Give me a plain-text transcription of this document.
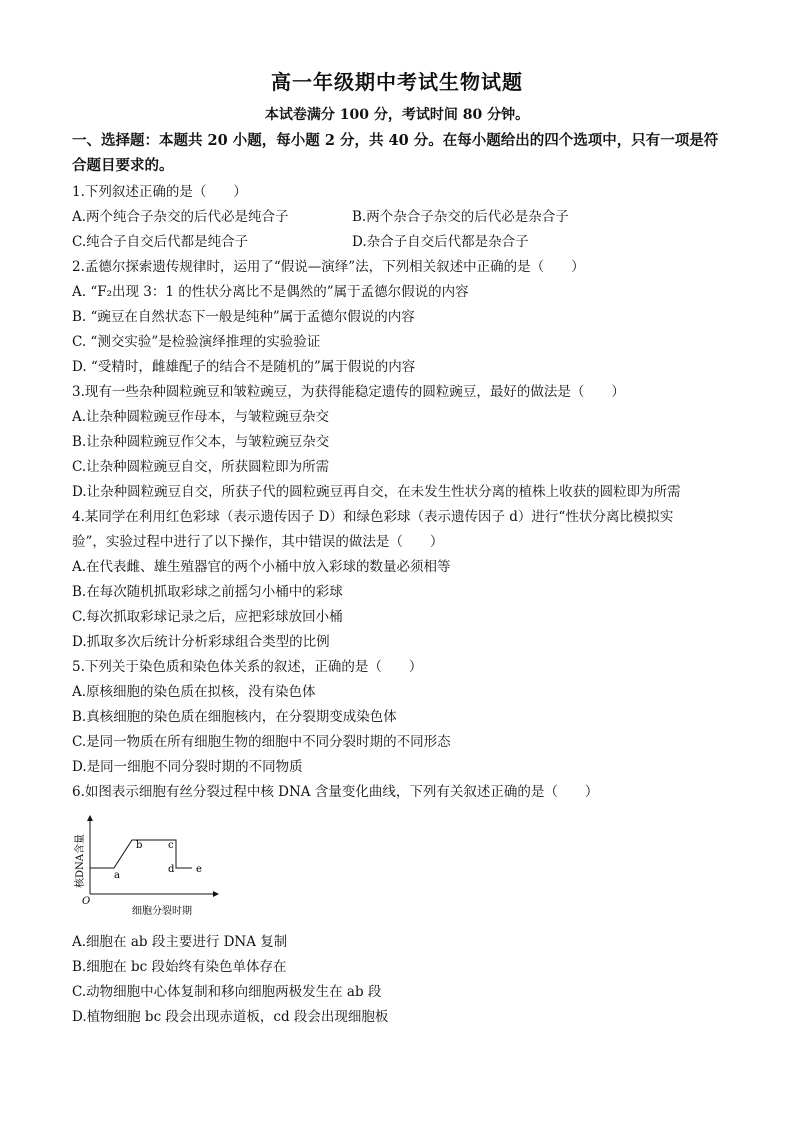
高一年级期中考试生物试题
本试卷满分 100 分，考试时间 80 分钟。
一、选择题：本题共 20 小题，每小题 2 分，共 40 分。在每小题给出的四个选项中，只有一项是符合题目要求的。
1.下列叙述正确的是（　　）
A.两个纯合子杂交的后代必是纯合子	B.两个杂合子杂交的后代必是杂合子
C.纯合子自交后代都是纯合子	D.杂合子自交后代都是杂合子
2.孟德尔探索遗传规律时，运用了“假说—演绎”法，下列相关叙述中正确的是（　　）
A. “F₂出现 3：1 的性状分离比不是偶然的”属于孟德尔假说的内容
B. “豌豆在自然状态下一般是纯种”属于孟德尔假说的内容
C. “测交实验”是检验演绎推理的实验验证
D. “受精时，雌雄配子的结合不是随机的”属于假说的内容
3.现有一些杂种圆粒豌豆和皱粒豌豆，为获得能稳定遗传的圆粒豌豆，最好的做法是（　　）
A.让杂种圆粒豌豆作母本，与皱粒豌豆杂交
B.让杂种圆粒豌豆作父本，与皱粒豌豆杂交
C.让杂种圆粒豌豆自交，所获圆粒即为所需
D.让杂种圆粒豌豆自交，所获子代的圆粒豌豆再自交，在未发生性状分离的植株上收获的圆粒即为所需
4.某同学在利用红色彩球（表示遗传因子 D）和绿色彩球（表示遗传因子 d）进行“性状分离比模拟实
验”，实验过程中进行了以下操作，其中错误的做法是（　　）
A.在代表雌、雄生殖器官的两个小桶中放入彩球的数量必须相等
B.在每次随机抓取彩球之前摇匀小桶中的彩球
C.每次抓取彩球记录之后，应把彩球放回小桶
D.抓取多次后统计分析彩球组合类型的比例
5.下列关于染色质和染色体关系的叙述，正确的是（　　）
A.原核细胞的染色质在拟核，没有染色体
B.真核细胞的染色质在细胞核内，在分裂期变成染色体
C.是同一物质在所有细胞生物的细胞中不同分裂时期的不同形态
D.是同一细胞不同分裂时期的不同物质
6.如图表示细胞有丝分裂过程中核 DNA 含量变化曲线，下列有关叙述正确的是（　　）
核DNA含量
O
a
b	c
d e
细胞分裂时期
A.细胞在 ab 段主要进行 DNA 复制
B.细胞在 bc 段始终有染色单体存在
C.动物细胞中心体复制和移向细胞两极发生在 ab 段
D.植物细胞 bc 段会出现赤道板，cd 段会出现细胞板
